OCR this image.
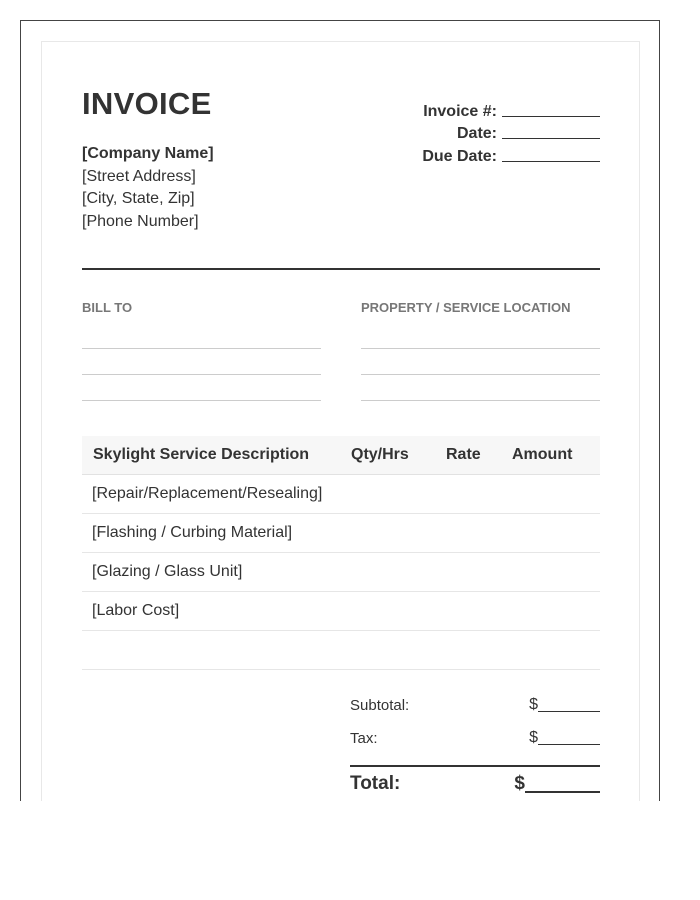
INVOICE
[Company Name]
[Street Address]
[City, State, Zip]
[Phone Number]
Invoice #:
Date:
Due Date:
BILL TO	PROPERTY / SERVICE LOCATION
Skylight Service Description	Qty/Hrs Rate Amount
[Repair/Replacement/Resealing]
[Flashing / Curbing Material]
[Glazing / Glass Unit]
[Labor Cost]
Subtotal:	$
Tax:	$
Total:	$
